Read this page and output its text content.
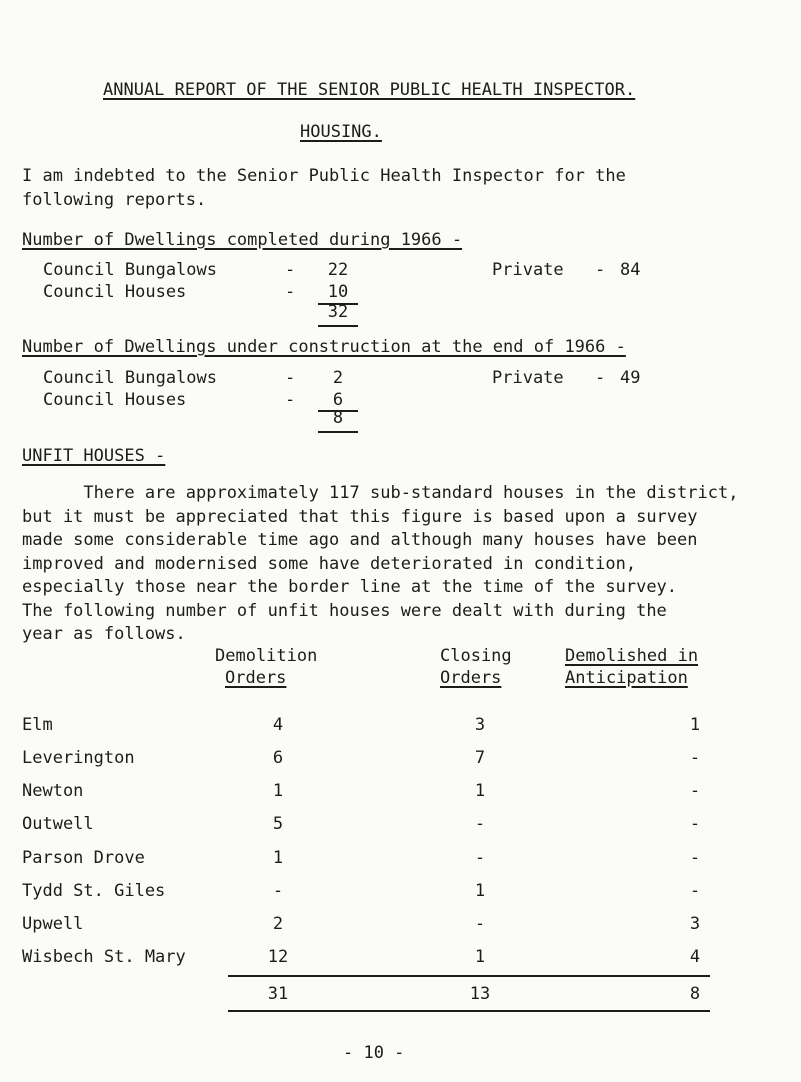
ANNUAL REPORT OF THE SENIOR PUBLIC HEALTH INSPECTOR.
HOUSING.
I am indebted to the Senior Public Health Inspector for the
following reports.
Number of Dwellings completed during 1966 -
Council Bungalows	-	22
Council Houses	-	10
32
Private - 84
Number of Dwellings under construction at the end of 1966 -
Council Bungalows	-	2
Council Houses	-	6
8
Private - 49
UNFIT HOUSES -
There are approximately 117 sub-standard houses in the district,
but it must be appreciated that this figure is based upon a survey
made some considerable time ago and although many houses have been
improved and modernised some have deteriorated in condition,
especially those near the border line at the time of the survey.
The following number of unfit houses were dealt with during the
year as follows.
Demolition
Orders
Closing
Orders
Demolished in
Anticipation
Elm	4	3	1
Leverington	6	7	-
Newton	1	1	-
Outwell	5	-	-
Parson Drove	1	-	-
Tydd St. Giles	-	1	-
Upwell	2	-	3
Wisbech St. Mary	12	1	4
31	13	8
- 10 -
